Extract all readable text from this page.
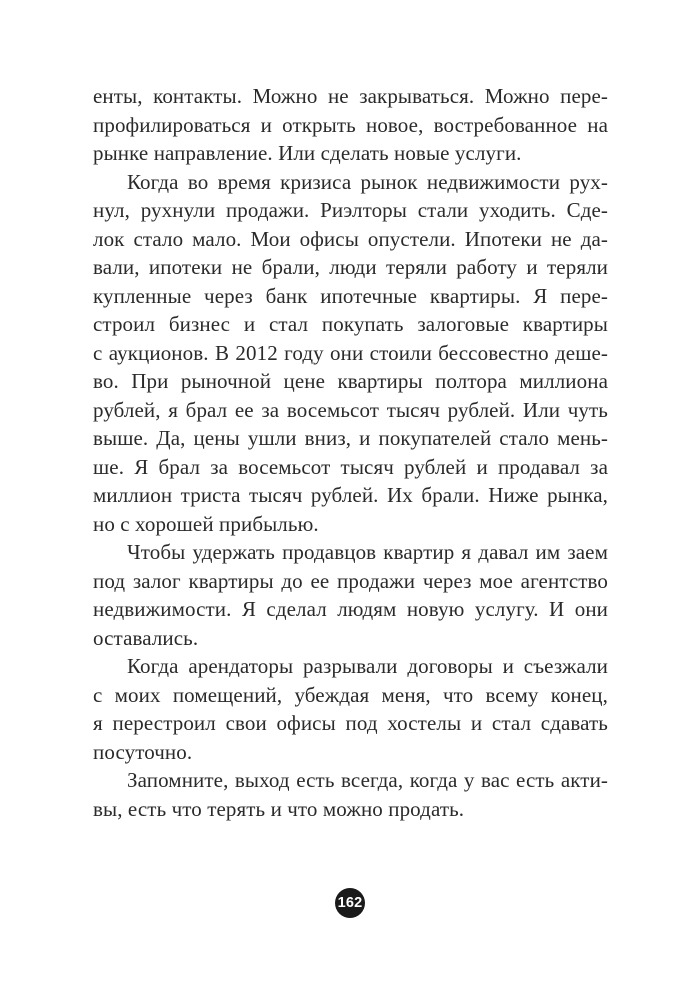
енты, контакты. Можно не закрываться. Можно пере-
профилироваться и открыть новое, востребованное на
рынке направление. Или сделать новые услуги.
Когда во время кризиса рынок недвижимости рух-
нул, рухнули продажи. Риэлторы стали уходить. Сде-
лок стало мало. Мои офисы опустели. Ипотеки не да-
вали, ипотеки не брали, люди теряли работу и теряли
купленные через банк ипотечные квартиры. Я пере-
строил бизнес и стал покупать залоговые квартиры
с аукционов. В 2012 году они стоили бессовестно деше-
во. При рыночной цене квартиры полтора миллиона
рублей, я брал ее за восемьсот тысяч рублей. Или чуть
выше. Да, цены ушли вниз, и покупателей стало мень-
ше. Я брал за восемьсот тысяч рублей и продавал за
миллион триста тысяч рублей. Их брали. Ниже рынка,
но с хорошей прибылью.
Чтобы удержать продавцов квартир я давал им заем
под залог квартиры до ее продажи через мое агентство
недвижимости. Я сделал людям новую услугу. И они
оставались.
Когда арендаторы разрывали договоры и съезжали
с моих помещений, убеждая меня, что всему конец,
я перестроил свои офисы под хостелы и стал сдавать
посуточно.
Запомните, выход есть всегда, когда у вас есть акти-
вы, есть что терять и что можно продать.
162
